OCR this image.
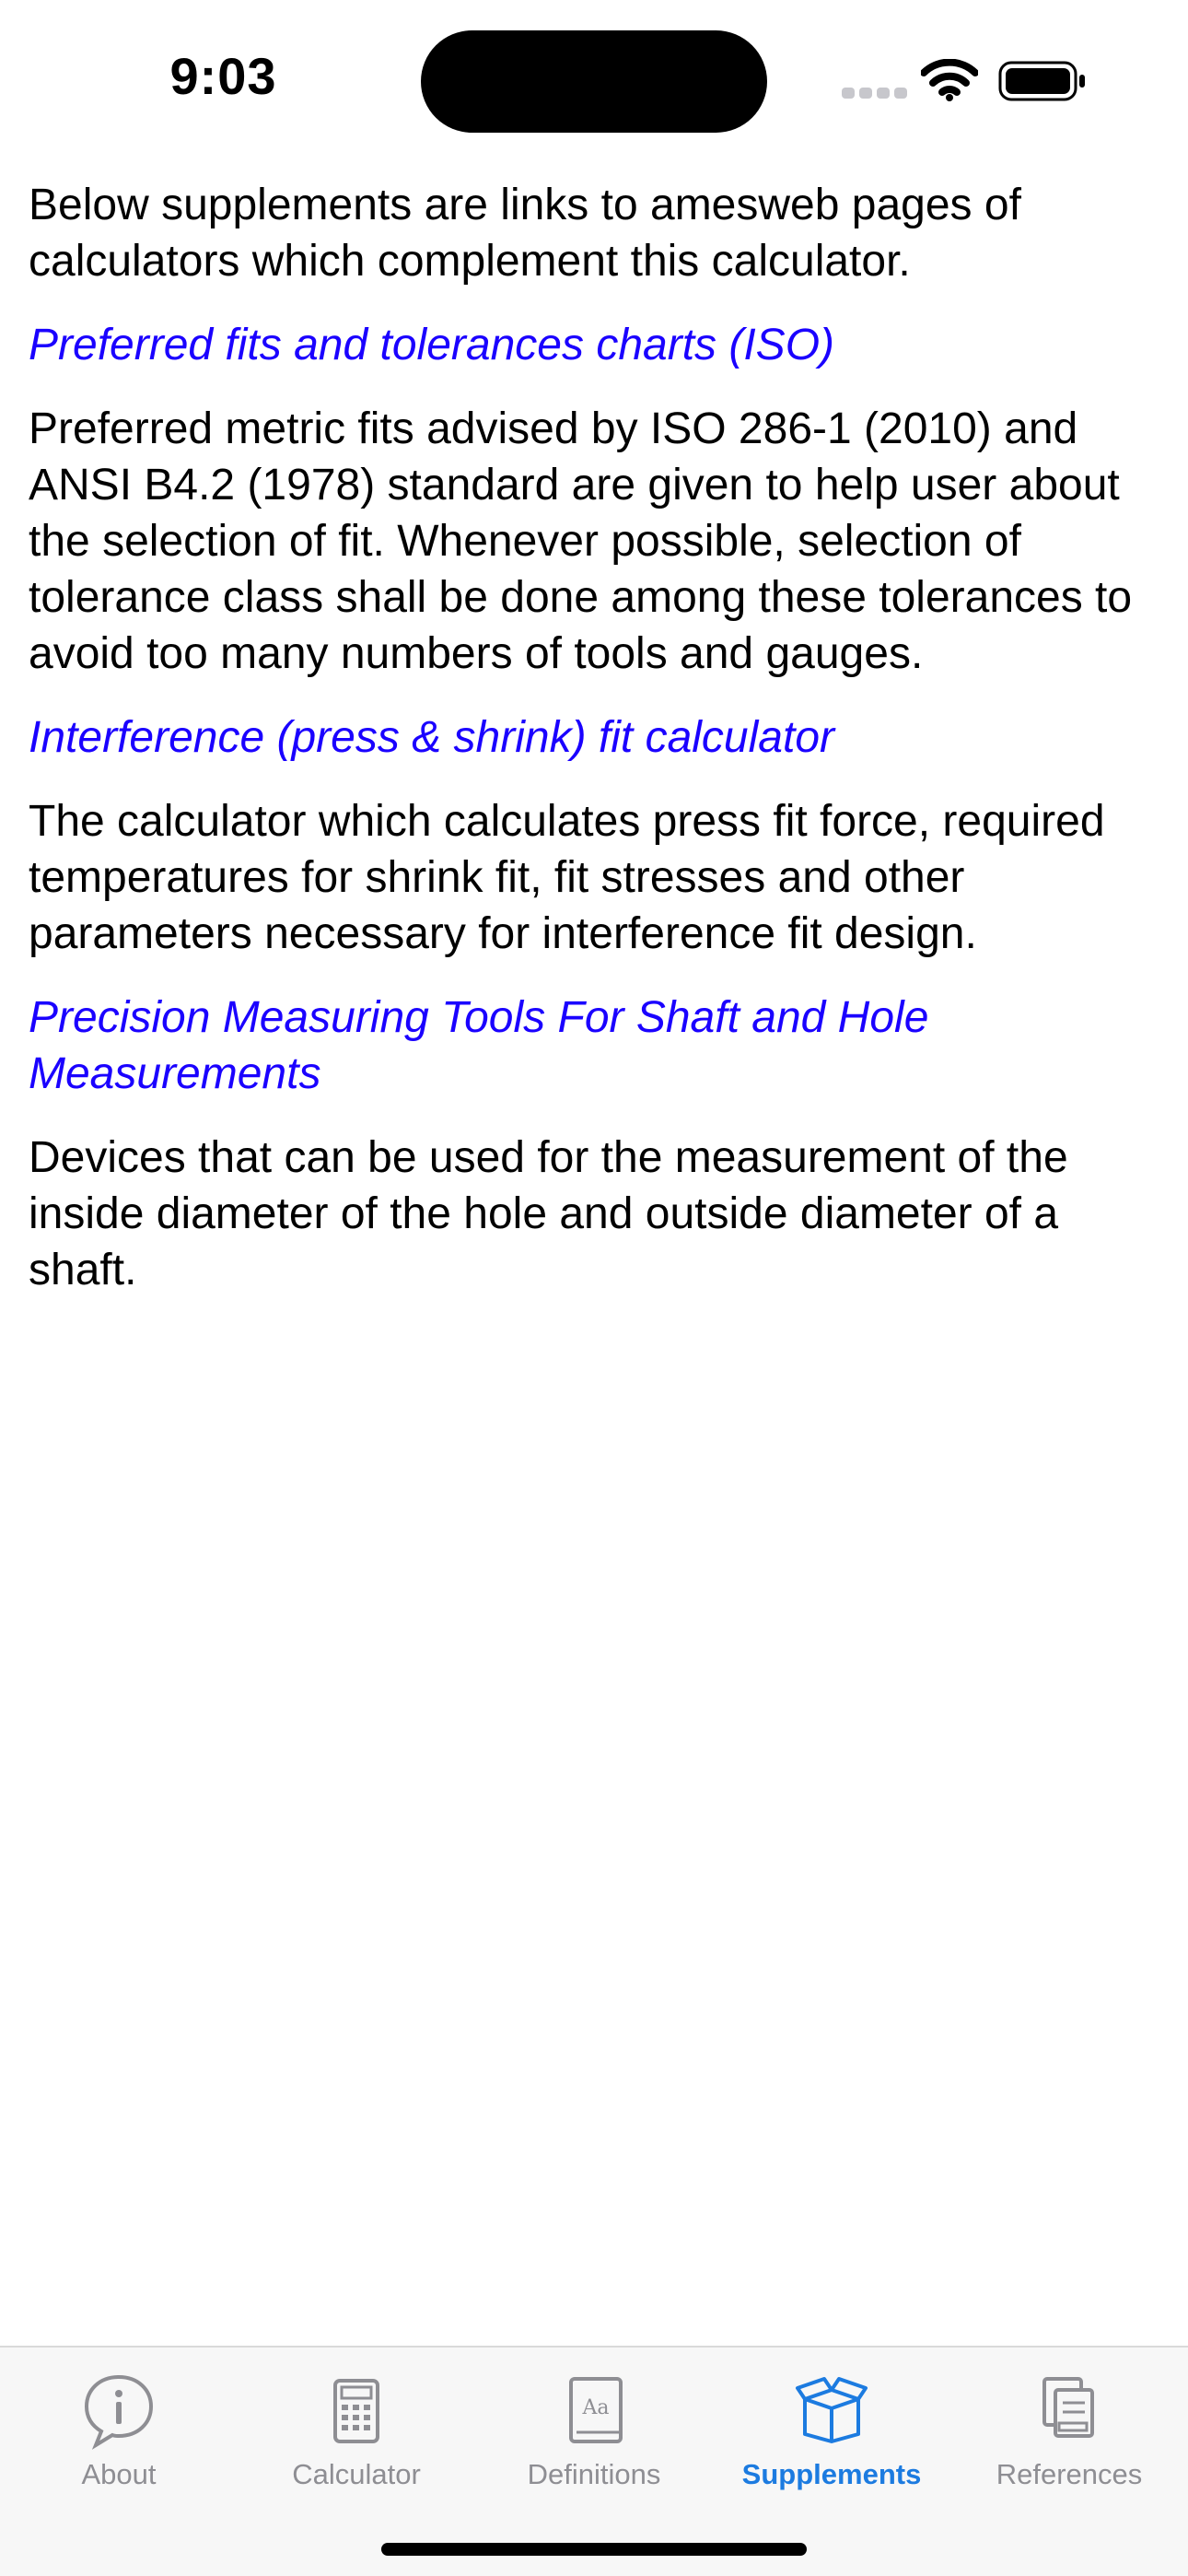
9:03

Below supplements are links to amesweb pages of calculators which complement this calculator.

Preferred fits and tolerances charts (ISO)

Preferred metric fits advised by ISO 286-1 (2010) and ANSI B4.2 (1978) standard are given to help user about the selection of fit. Whenever possible, selection of tolerance class shall be done among these tolerances to avoid too many numbers of tools and gauges.

Interference (press & shrink) fit calculator

The calculator which calculates press fit force, required temperatures for shrink fit, fit stresses and other parameters necessary for interference fit design.

Precision Measuring Tools For Shaft and Hole Measurements

Devices that can be used for the measurement of the inside diameter of the hole and outside diameter of a shaft.

About	Calculator
Aa
Definitions	Supplements	References
